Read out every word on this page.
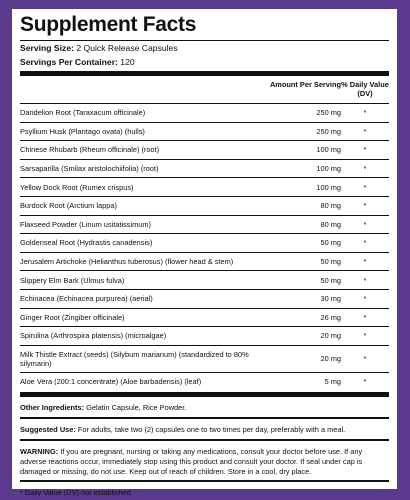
Supplement Facts
Serving Size: 2 Quick Release Capsules
Servings Per Container: 120
Amount Per Serving % Daily Value (DV)
Dandelion Root (Taraxacum officinale)	250 mg	*
Psyllium Husk (Plantago ovata) (hulls)	250 mg	*
Chinese Rhubarb (Rheum officinale) (root)	100 mg	*
Sarsaparilla (Smilax aristolochiifolia) (root)	100 mg	*
Yellow Dock Root (Rumex crispus)	100 mg	*
Burdock Root (Arctium lappa)	80 mg	*
Flaxseed Powder (Linum usitatissimum)	80 mg	*
Goldenseal Root (Hydrastis canadensis)	50 mg	*
Jerusalem Artichoke (Helianthus tuberosus) (flower head & stem)	50 mg	*
Slippery Elm Bark (Ulmus fulva)	50 mg	*
Echinacea (Echinacea purpurea) (aerial)	30 mg	*
Ginger Root (Zingiber officinale)	26 mg	*
Spirulina (Arthrospira platensis) (microalgae)	20 mg	*
Milk Thistle Extract (seeds) (Silybum marianum) (standardized to 80% silymarin)	20 mg	*
Aloe Vera (200:1 concentrate) (Aloe barbadensis) (leaf)	5 mg	*
Other Ingredients: Gelatin Capsule, Rice Powder.
Suggested Use: For adults, take two (2) capsules one to two times per day, preferably with a meal.
WARNING: If you are pregnant, nursing or taking any medications, consult your doctor before use. If any adverse reactions occur, immediately stop using this product and consult your doctor. If seal under cap is damaged or missing, do not use. Keep out of reach of children. Store in a cool, dry place.
* Daily Value (DV) not established.
